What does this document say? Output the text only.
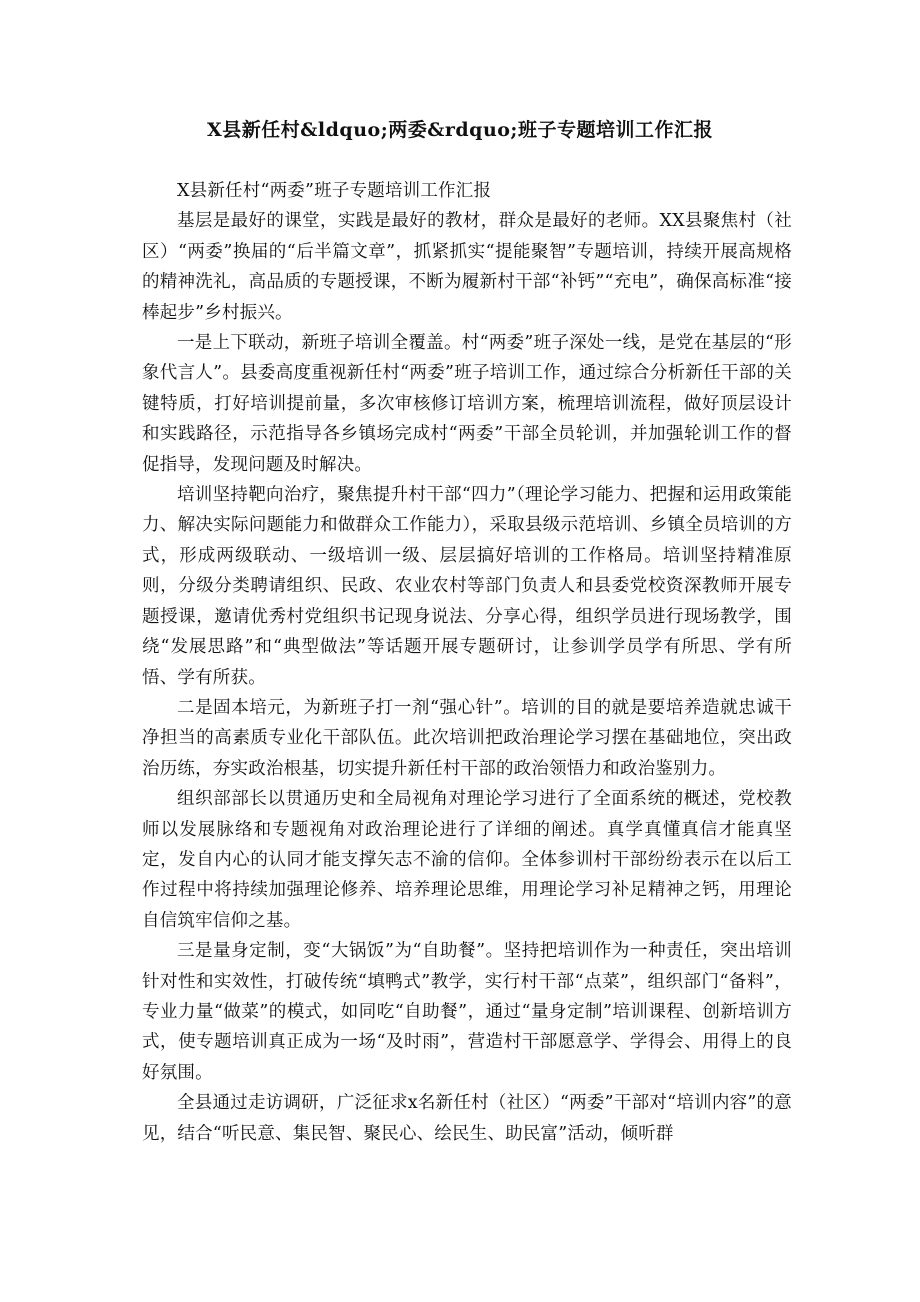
X县新任村&ldquo;两委&rdquo;班子专题培训工作汇报

X县新任村“两委”班子专题培训工作汇报

基层是最好的课堂，实践是最好的教材，群众是最好的老师。XX县聚焦村（社区）“两委”换届的“后半篇文章”，抓紧抓实“提能聚智”专题培训，持续开展高规格的精神洗礼，高品质的专题授课，不断为履新村干部“补钙”“充电”，确保高标准“接棒起步”乡村振兴。

一是上下联动，新班子培训全覆盖。村“两委”班子深处一线，是党在基层的“形象代言人”。县委高度重视新任村“两委”班子培训工作，通过综合分析新任干部的关键特质，打好培训提前量，多次审核修订培训方案，梳理培训流程，做好顶层设计和实践路径，示范指导各乡镇场完成村“两委”干部全员轮训，并加强轮训工作的督促指导，发现问题及时解决。

培训坚持靶向治疗，聚焦提升村干部“四力”（理论学习能力、把握和运用政策能力、解决实际问题能力和做群众工作能力），采取县级示范培训、乡镇全员培训的方式，形成两级联动、一级培训一级、层层搞好培训的工作格局。培训坚持精准原则，分级分类聘请组织、民政、农业农村等部门负责人和县委党校资深教师开展专题授课，邀请优秀村党组织书记现身说法、分享心得，组织学员进行现场教学，围绕“发展思路”和“典型做法”等话题开展专题研讨，让参训学员学有所思、学有所悟、学有所获。

二是固本培元，为新班子打一剂“强心针”。培训的目的就是要培养造就忠诚干净担当的高素质专业化干部队伍。此次培训把政治理论学习摆在基础地位，突出政治历练，夯实政治根基，切实提升新任村干部的政治领悟力和政治鉴别力。

组织部部长以贯通历史和全局视角对理论学习进行了全面系统的概述，党校教师以发展脉络和专题视角对政治理论进行了详细的阐述。真学真懂真信才能真坚定，发自内心的认同才能支撑矢志不渝的信仰。全体参训村干部纷纷表示在以后工作过程中将持续加强理论修养、培养理论思维，用理论学习补足精神之钙，用理论自信筑牢信仰之基。

三是量身定制，变“大锅饭”为“自助餐”。坚持把培训作为一种责任，突出培训针对性和实效性，打破传统“填鸭式”教学，实行村干部“点菜”，组织部门“备料”，专业力量“做菜”的模式，如同吃“自助餐”，通过“量身定制”培训课程、创新培训方式，使专题培训真正成为一场“及时雨”，营造村干部愿意学、学得会、用得上的良好氛围。

全县通过走访调研，广泛征求x名新任村（社区）“两委”干部对“培训内容”的意见，结合“听民意、集民智、聚民心、绘民生、助民富”活动，倾听群
